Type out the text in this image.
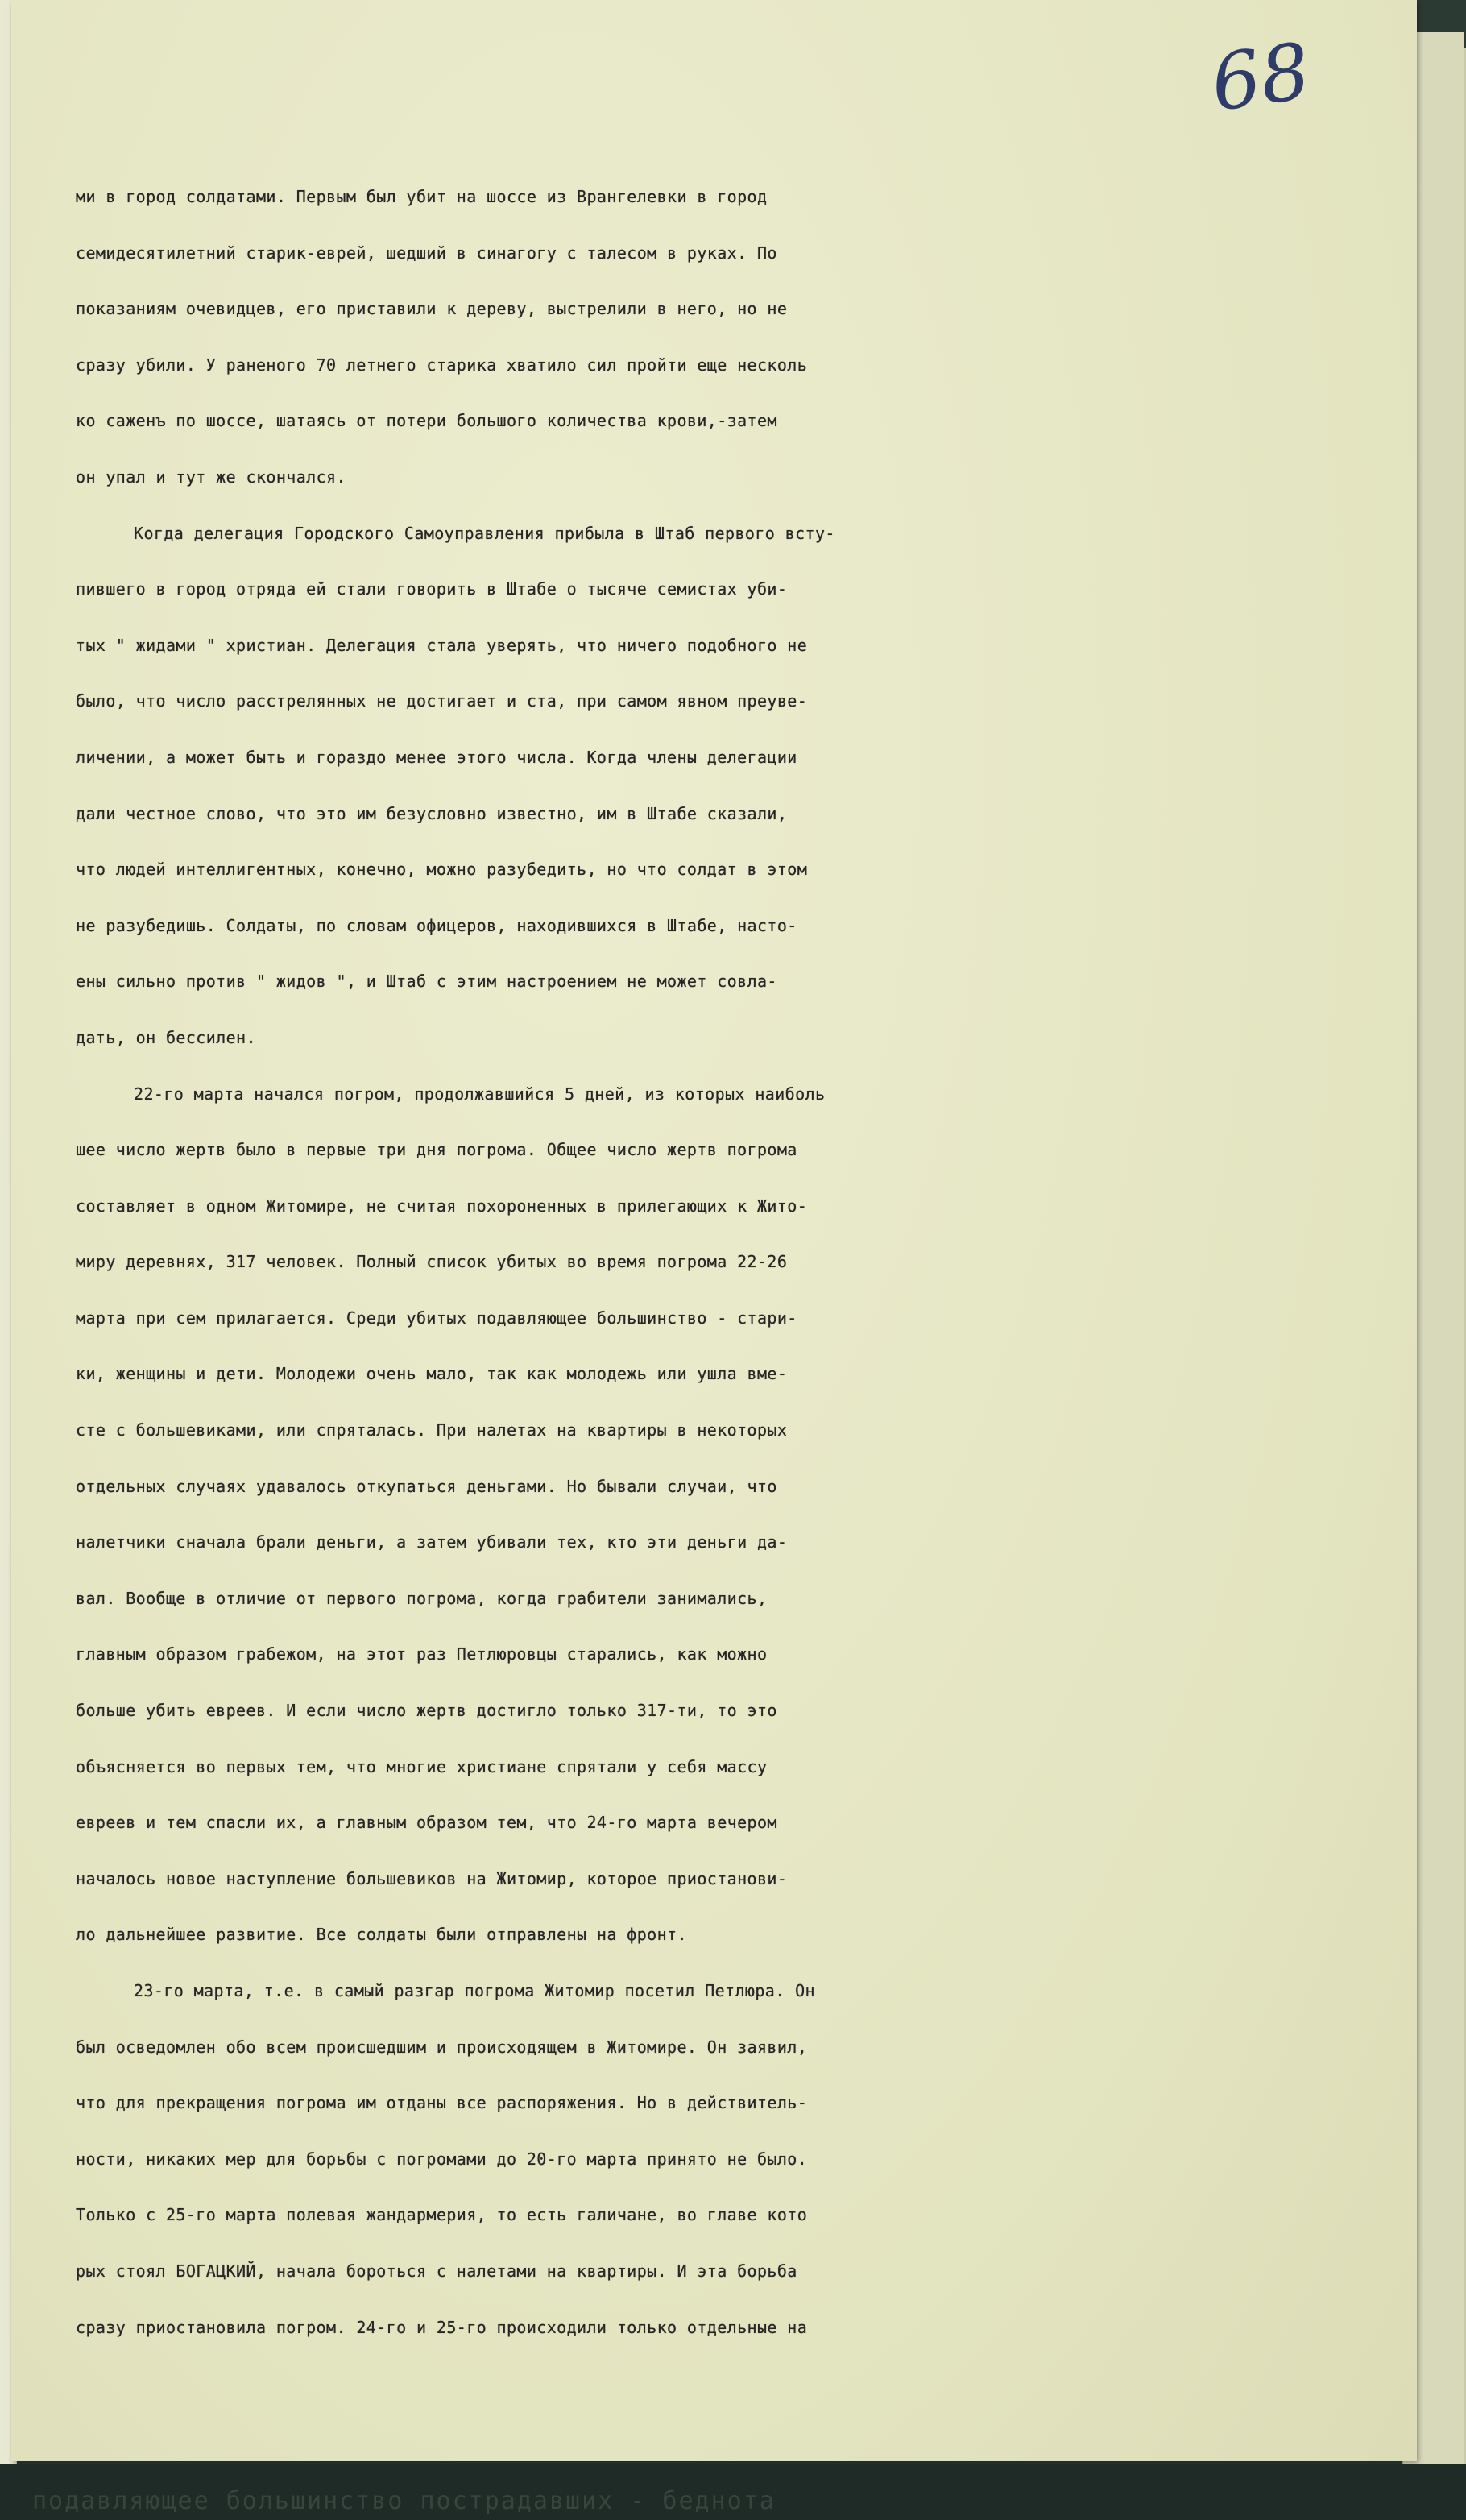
68
ми в город солдатами. Первым был убит на шоссе из Врангелевки в город
семидесятилетний старик-еврей, шедший в синагогу с талесом в руках. По
показаниям очевидцев, его приставили к дереву, выстрелили в него, но не
сразу убили. У раненого 70 летнего старика хватило сил пройти еще несколь
ко саженъ по шоссе, шатаясь от потери большого количества крови,-затем
он упал и тут же скончался.
Когда делегация Городского Самоуправления прибыла в Штаб первого всту-
пившего в город отряда ей стали говорить в Штабе о тысяче семистах уби-
тых " жидами " христиан. Делегация стала уверять, что ничего подобного не
было, что число расстрелянных не достигает и ста, при самом явном преуве-
личении, а может быть и гораздо менее этого числа. Когда члены делегации
дали честное слово, что это им безусловно известно, им в Штабе сказали,
что людей интеллигентных, конечно, можно разубедить, но что солдат в этом
не разубедишь. Солдаты, по словам офицеров, находившихся в Штабе, насто-
ены сильно против " жидов ", и Штаб с этим настроением не может совла-
дать, он бессилен.
22-го марта начался погром, продолжавшийся 5 дней, из которых наиболь
шее число жертв было в первые три дня погрома. Общее число жертв погрома
составляет в одном Житомире, не считая похороненных в прилегающих к Жито-
миру деревнях, 317 человек. Полный список убитых во время погрома 22-26
марта при сем прилагается. Среди убитых подавляющее большинство - стари-
ки, женщины и дети. Молодежи очень мало, так как молодежь или ушла вме-
сте с большевиками, или спряталась. При налетах на квартиры в некоторых
отдельных случаях удавалось откупаться деньгами. Но бывали случаи, что
налетчики сначала брали деньги, а затем убивали тех, кто эти деньги да-
вал. Вообще в отличие от первого погрома, когда грабители занимались,
главным образом грабежом, на этот раз Петлюровцы старались, как можно
больше убить евреев. И если число жертв достигло только 317-ти, то это
объясняется во первых тем, что многие христиане спрятали у себя массу
евреев и тем спасли их, а главным образом тем, что 24-го марта вечером
началось новое наступление большевиков на Житомир, которое приостанови-
ло дальнейшее развитие. Все солдаты были отправлены на фронт.
23-го марта, т.е. в самый разгар погрома Житомир посетил Петлюра. Он
был осведомлен обо всем происшедшим и происходящем в Житомире. Он заявил,
что для прекращения погрома им отданы все распоряжения. Но в действитель-
ности, никаких мер для борьбы с погромами до 20-го марта принято не было.
Только с 25-го марта полевая жандармерия, то есть галичане, во главе кото
рых стоял БОГАЦКИЙ, начала бороться с налетами на квартиры. И эта борьба
сразу приостановила погром. 24-го и 25-го происходили только отдельные на
подавляющее большинство пострадавших - беднота
